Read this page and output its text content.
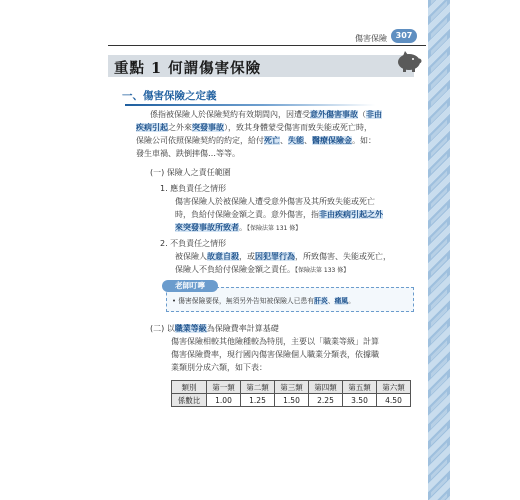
傷害保險	307
重點 1 何謂傷害保險
一、傷害保險之定義
係指被保險人於保險契約有效期間內，因遭受意外傷害事故（非由
疾病引起之外來突發事故），致其身體蒙受傷害而致失能或死亡時，
保險公司依照保險契約的約定，給付死亡、失能、醫療保險金。如：
發生車禍、跌倒摔傷…等等。
(一) 保險人之責任範圍
1. 應負責任之情形
傷害保險人於被保險人遭受意外傷害及其所致失能或死亡
時，負給付保險金額之責。意外傷害，指非由疾病引起之外
來突發事故所致者。【保險法第 131 條】
2. 不負責任之情形
被保險人故意自殺，或因犯罪行為，所致傷害、失能或死亡，
保險人不負給付保險金額之責任。【保險法第 133 條】
老師叮嚀
• 傷害保險要保，無須另外告知被保險人已患有肝炎、痛風。
(二) 以職業等級為保險費率計算基礎
傷害保險相較其他險種較為特別，主要以「職業等級」計算
傷害保險費率，現行國內傷害保險個人職業分類表，依據職
業類別分成六類，如下表：
類別	第一類	第二類	第三類	第四類	第五類	第六類
係數比	1.00	1.25	1.50	2.25	3.50	4.50
